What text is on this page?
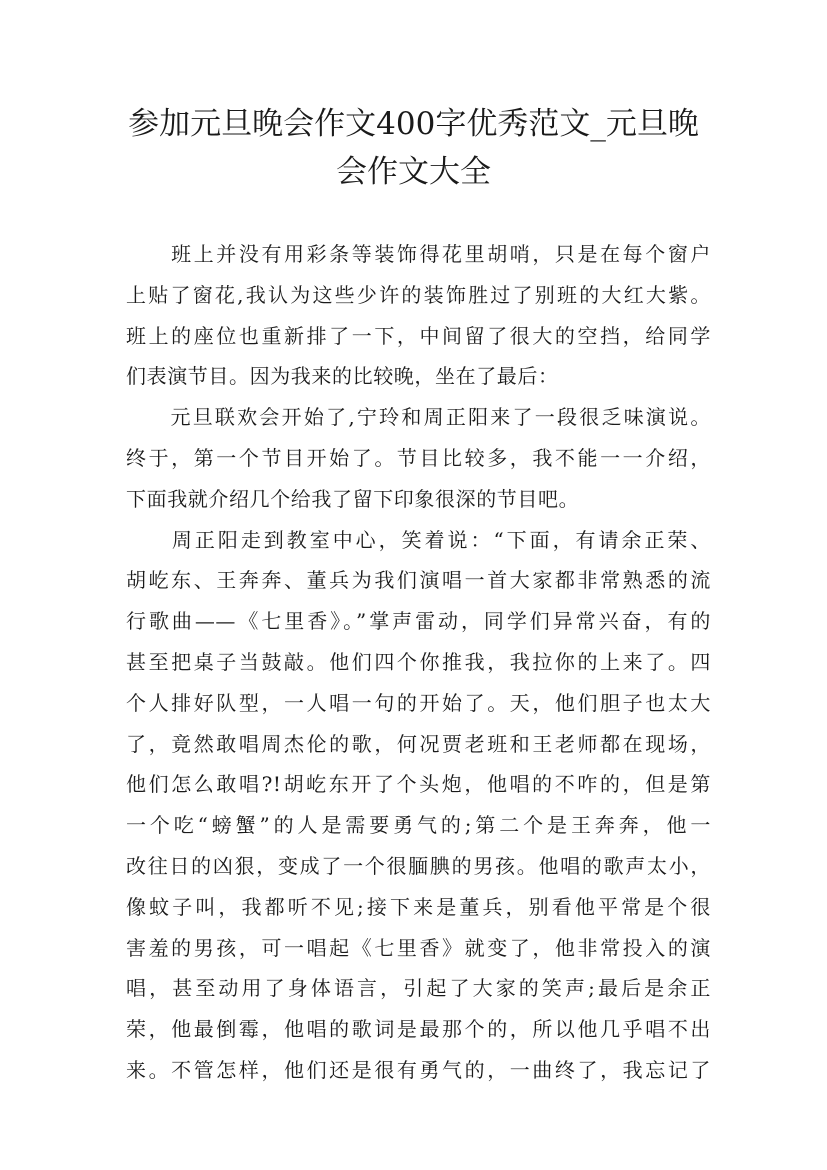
参加元旦晚会作文400字优秀范文_元旦晚
会作文大全
　　班上并没有用彩条等装饰得花里胡哨，只是在每个窗户
上贴了窗花,我认为这些少许的装饰胜过了别班的大红大紫。
班上的座位也重新排了一下，中间留了很大的空挡，给同学
们表演节目。因为我来的比较晚，坐在了最后：
　　元旦联欢会开始了,宁玲和周正阳来了一段很乏味演说。
终于，第一个节目开始了。节目比较多，我不能一一介绍，
下面我就介绍几个给我了留下印象很深的节目吧。
　　周正阳走到教室中心，笑着说：“下面，有请余正荣、
胡屹东、王奔奔、董兵为我们演唱一首大家都非常熟悉的流
行歌曲——《七里香》。”掌声雷动，同学们异常兴奋，有的
甚至把桌子当鼓敲。他们四个你推我，我拉你的上来了。四
个人排好队型，一人唱一句的开始了。天，他们胆子也太大
了，竟然敢唱周杰伦的歌，何况贾老班和王老师都在现场，
他们怎么敢唱?!胡屹东开了个头炮，他唱的不咋的，但是第
一个吃“螃蟹”的人是需要勇气的;第二个是王奔奔，他一
改往日的凶狠，变成了一个很腼腆的男孩。他唱的歌声太小，
像蚊子叫，我都听不见;接下来是董兵，别看他平常是个很
害羞的男孩，可一唱起《七里香》就变了，他非常投入的演
唱，甚至动用了身体语言，引起了大家的笑声;最后是余正
荣，他最倒霉，他唱的歌词是最那个的，所以他几乎唱不出
来。不管怎样，他们还是很有勇气的，一曲终了，我忘记了
